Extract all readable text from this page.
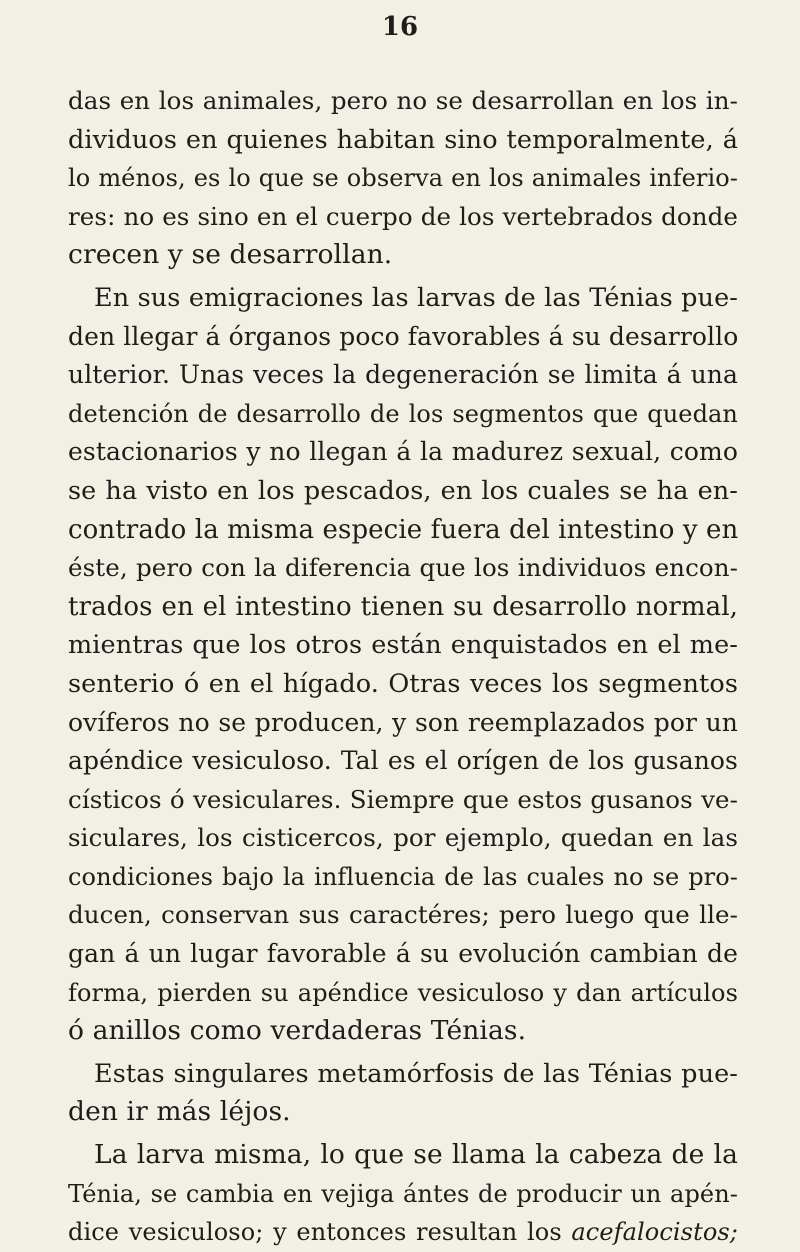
16
das en los animales, pero no se desarrollan en los in-
dividuos en quienes habitan sino temporalmente, á
lo ménos, es lo que se observa en los animales inferio-
res: no es sino en el cuerpo de los vertebrados donde
crecen y se desarrollan.
En sus emigraciones las larvas de las Ténias pue-
den llegar á órganos poco favorables á su desarrollo
ulterior. Unas veces la degeneración se limita á una
detención de desarrollo de los segmentos que quedan
estacionarios y no llegan á la madurez sexual, como
se ha visto en los pescados, en los cuales se ha en-
contrado la misma especie fuera del intestino y en
éste, pero con la diferencia que los individuos encon-
trados en el intestino tienen su desarrollo normal,
mientras que los otros están enquistados en el me-
senterio ó en el hígado. Otras veces los segmentos
ovíferos no se producen, y son reemplazados por un
apéndice vesiculoso. Tal es el orígen de los gusanos
císticos ó vesiculares. Siempre que estos gusanos ve-
siculares, los cisticercos, por ejemplo, quedan en las
condiciones bajo la influencia de las cuales no se pro-
ducen, conservan sus caractéres; pero luego que lle-
gan á un lugar favorable á su evolución cambian de
forma, pierden su apéndice vesiculoso y dan artículos
ó anillos como verdaderas Ténias.
Estas singulares metamórfosis de las Ténias pue-
den ir más léjos.
La larva misma, lo que se llama la cabeza de la
Ténia, se cambia en vejiga ántes de producir un apén-
dice vesiculoso; y entonces resultan los acefalocistos;
